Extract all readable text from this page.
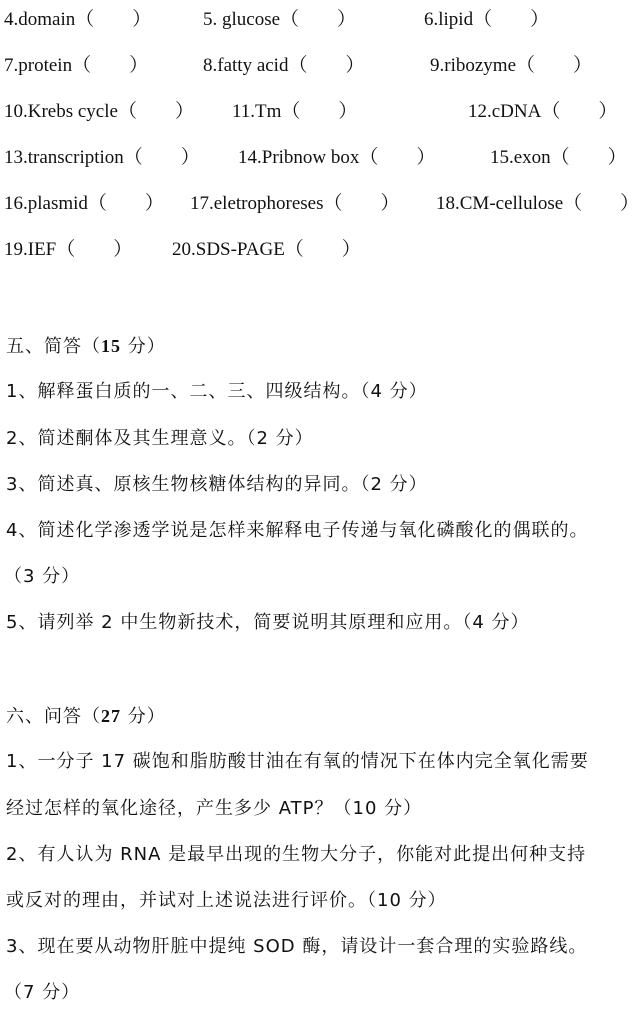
4.domain（　　）	5. glucose（　　）	6.lipid（　　）
7.protein（　　）	8.fatty acid（　　）	9.ribozyme（　　）
10.Krebs cycle（　　） 11.Tm（　　）	12.cDNA（　　）
13.transcription（　　） 14.Pribnow box（　　）	15.exon（　　）
16.plasmid（　　） 17.eletrophoreses（　　） 18.CM-cellulose（　　）
19.IEF（　　） 20.SDS-PAGE（　　）
五、简答（15 分）
1、解释蛋白质的一、二、三、四级结构。（4 分）
2、简述酮体及其生理意义。（2 分）
3、简述真、原核生物核糖体结构的异同。（2 分）
4、简述化学渗透学说是怎样来解释电子传递与氧化磷酸化的偶联的。
（3 分）
5、请列举 2 中生物新技术，简要说明其原理和应用。（4 分）
六、问答（27 分）
1、一分子 17 碳饱和脂肪酸甘油在有氧的情况下在体内完全氧化需要
经过怎样的氧化途径，产生多少 ATP？（10 分）
2、有人认为 RNA 是最早出现的生物大分子，你能对此提出何种支持
或反对的理由，并试对上述说法进行评价。（10 分）
3、现在要从动物肝脏中提纯 SOD 酶，请设计一套合理的实验路线。
（7 分）
